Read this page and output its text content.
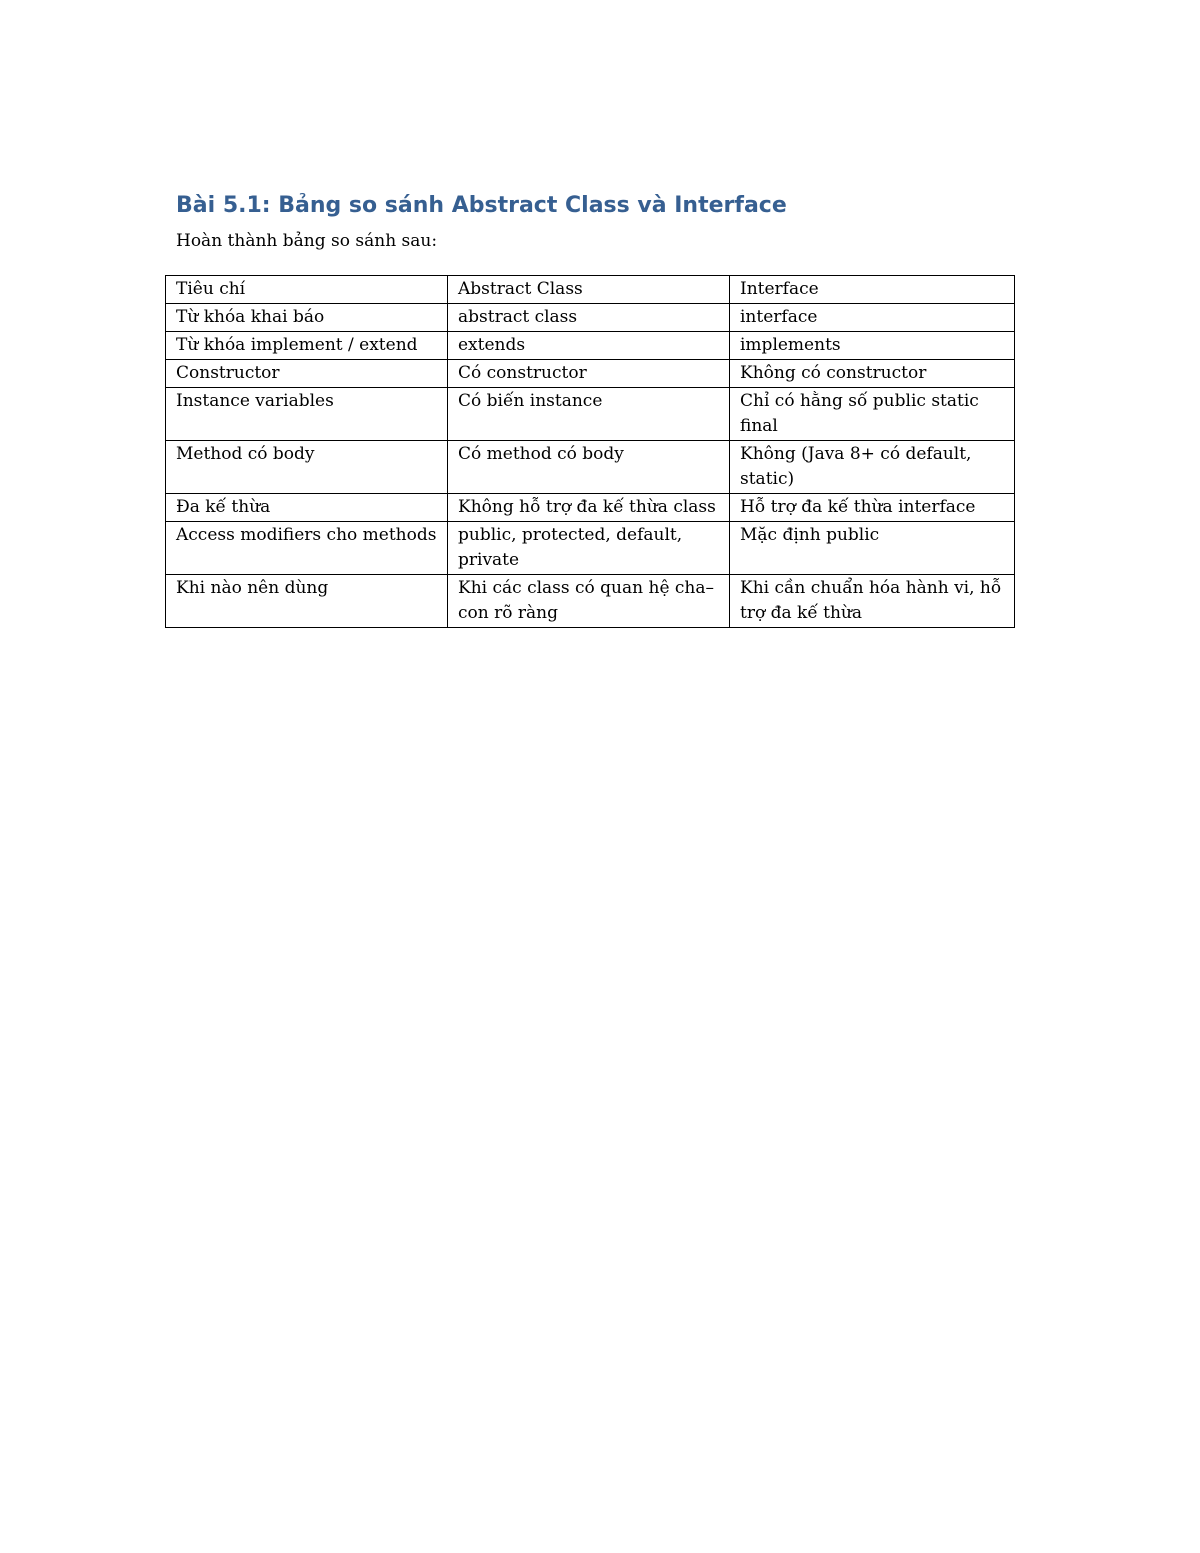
Bài 5.1: Bảng so sánh Abstract Class và Interface

Hoàn thành bảng so sánh sau:

Tiêu chí	Abstract Class	Interface
Từ khóa khai báo	abstract class	interface
Từ khóa implement / extend	extends	implements
Constructor	Có constructor	Không có constructor
Instance variables	Có biến instance	Chỉ có hằng số public static final
Method có body	Có method có body	Không (Java 8+ có default, static)
Đa kế thừa	Không hỗ trợ đa kế thừa class	Hỗ trợ đa kế thừa interface
Access modifiers cho methods	public, protected, default, private	Mặc định public
Khi nào nên dùng	Khi các class có quan hệ cha–con rõ ràng	Khi cần chuẩn hóa hành vi, hỗ trợ đa kế thừa
